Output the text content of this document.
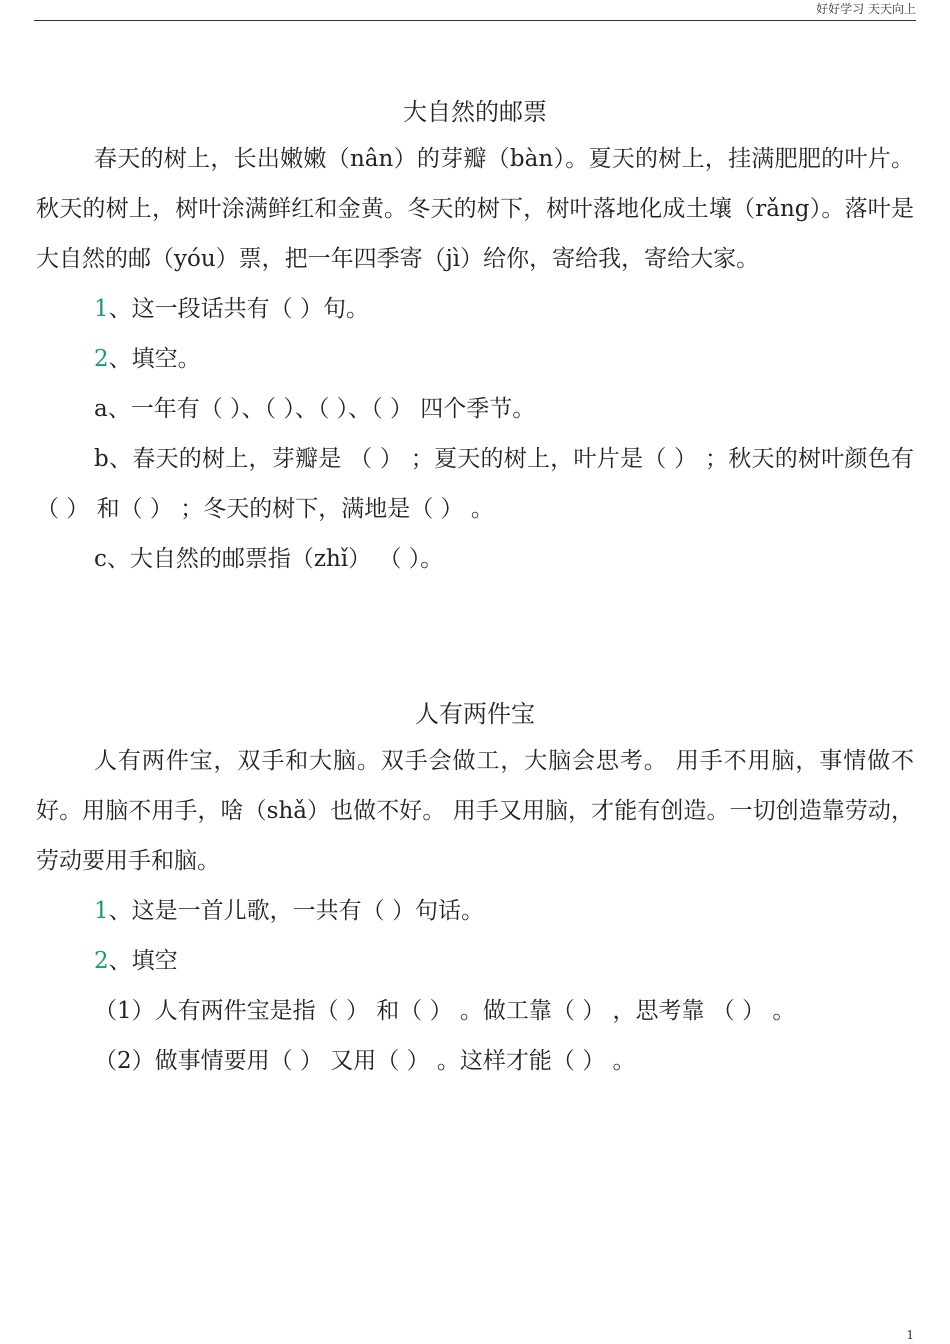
好好学习 天天向上
大自然的邮票

春天的树上，长出嫩嫩（nân）的芽瓣（bàn）。夏天的树上，挂满肥肥的叶片。秋天的树上，树叶涂满鲜红和金黄。冬天的树下，树叶落地化成土壤（rǎng）。落叶是大自然的邮（yóu）票，把一年四季寄（jì）给你，寄给我，寄给大家。

1、这一段话共有（ ）句。

2、填空。

a、一年有（ ）、（ ）、（ ）、（ ） 四个季节。

b、春天的树上，芽瓣是 （ ） ；夏天的树上，叶片是（ ） ；秋天的树叶颜色有（ ） 和（ ） ；冬天的树下，满地是（ ） 。

c、大自然的邮票指（zhǐ） （ ）。

人有两件宝

人有两件宝，双手和大脑。双手会做工，大脑会思考。 用手不用脑，事情做不好。用脑不用手，啥（shǎ）也做不好。 用手又用脑，才能有创造。一切创造靠劳动，劳动要用手和脑。

1、这是一首儿歌，一共有（ ）句话。

2、填空

（1）人有两件宝是指（ ） 和（ ） 。做工靠（ ） ，思考靠 （ ） 。

（2）做事情要用（ ） 又用（ ） 。这样才能（ ） 。

1
